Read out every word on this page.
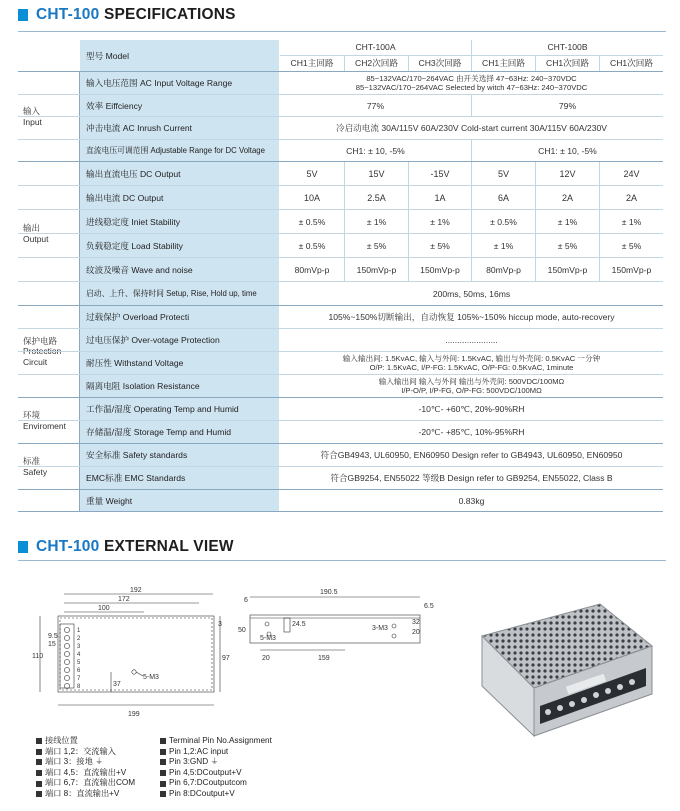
CHT-100 SPECIFICATIONS
型号 Model
CHT-100A	CHT-100B
CH1主回路	CH2次回路	CH3次回路	CH1主回路	CH1次回路	CH1次回路
输入
Input
输入电压范围 AC Input Voltage Range	85~132VAC/170~264VAC 由开关选择 47~63Hz: 240~370VDC
85~132VAC/170~264VAC Selected by witch 47~63Hz: 240~370VDC
效率 Eiffciency	77%	79%
冲击电流 AC Inrush Current	冷启动电流 30A/115V 60A/230V Cold-start current 30A/115V 60A/230V
直流电压可调范围 Adjustable Range for DC Voltage	CH1: ± 10, -5%	CH1: ± 10, -5%
输出
Output
输出直流电压 DC Output	5V	15V	-15V	5V	12V	24V
输出电流 DC Output	10A	2.5A	1A	6A	2A	2A
进线稳定度 Iniet Stability	± 0.5%	± 1%	± 1%	± 0.5%	± 1%	± 1%
负载稳定度 Load Stability	± 0.5%	± 5%	± 5%	± 1%	± 5%	± 5%
纹波及噪音 Wave and noise	80mVp-p	150mVp-p	150mVp-p	80mVp-p	150mVp-p	150mVp-p
启动、上升、保持时间 Setup, Rise, Hold up, time	200ms, 50ms, 16ms
保护电路
Protection
Circuit
过载保护 Overload Protecti	105%~150%切断输出，自动恢复 105%~150% hiccup mode, auto-recovery
过电压保护 Over-votage Protection	......................
耐压性 Withstand Voltage	输入输出间: 1.5KvAC, 输入与外间: 1.5KvAC, 输出与外壳间: 0.5KvAC 一分钟
O/P: 1.5KvAC, I/P-FG: 1.5KvAC, O/P-FG: 0.5KvAC, 1minute
隔离电阻 Isolation Resistance	输入输出间 输入与外间 输出与外壳间: 500VDC/100MΩ
I/P-O/P, I/P-FG, O/P-FG: 500VDC/100MΩ
环境
Enviroment
工作温/湿度 Operating Temp and Humid	-10℃- +60℃, 20%-90%RH
存储温/湿度 Storage Temp and Humid	-20℃- +85℃, 10%-95%RH
标准
Safety
安全标准 Safety standards	符合GB4943, UL60950, EN60950 Design refer to GB4943, UL60950, EN60950
EMC标准 EMC Standards	符合GB9254, EN55022 等级B Design refer to GB9254, EN55022, Class B
重量 Weight	0.83kg
CHT-100 EXTERNAL VIEW
192
172
100
199
110
9.5
15
97
3
37
5-M3
1
2
3
4
5
6
7
8
190.5
6
6.5
50
24.5	32
20	159
20
3-M3
5-M3
接线位置
端口 1,2：交流输入
端口 3：接地 ⏚
端口 4,5：直流输出+V
端口 6,7：直流输出COM
端口 8：直流输出+V
Terminal Pin No.Assignment
Pin 1,2:AC input
Pin 3:GND ⏚
Pin 4,5:DCoutput+V
Pin 6,7:DCoutputcom
Pin 8:DCoutput+V
